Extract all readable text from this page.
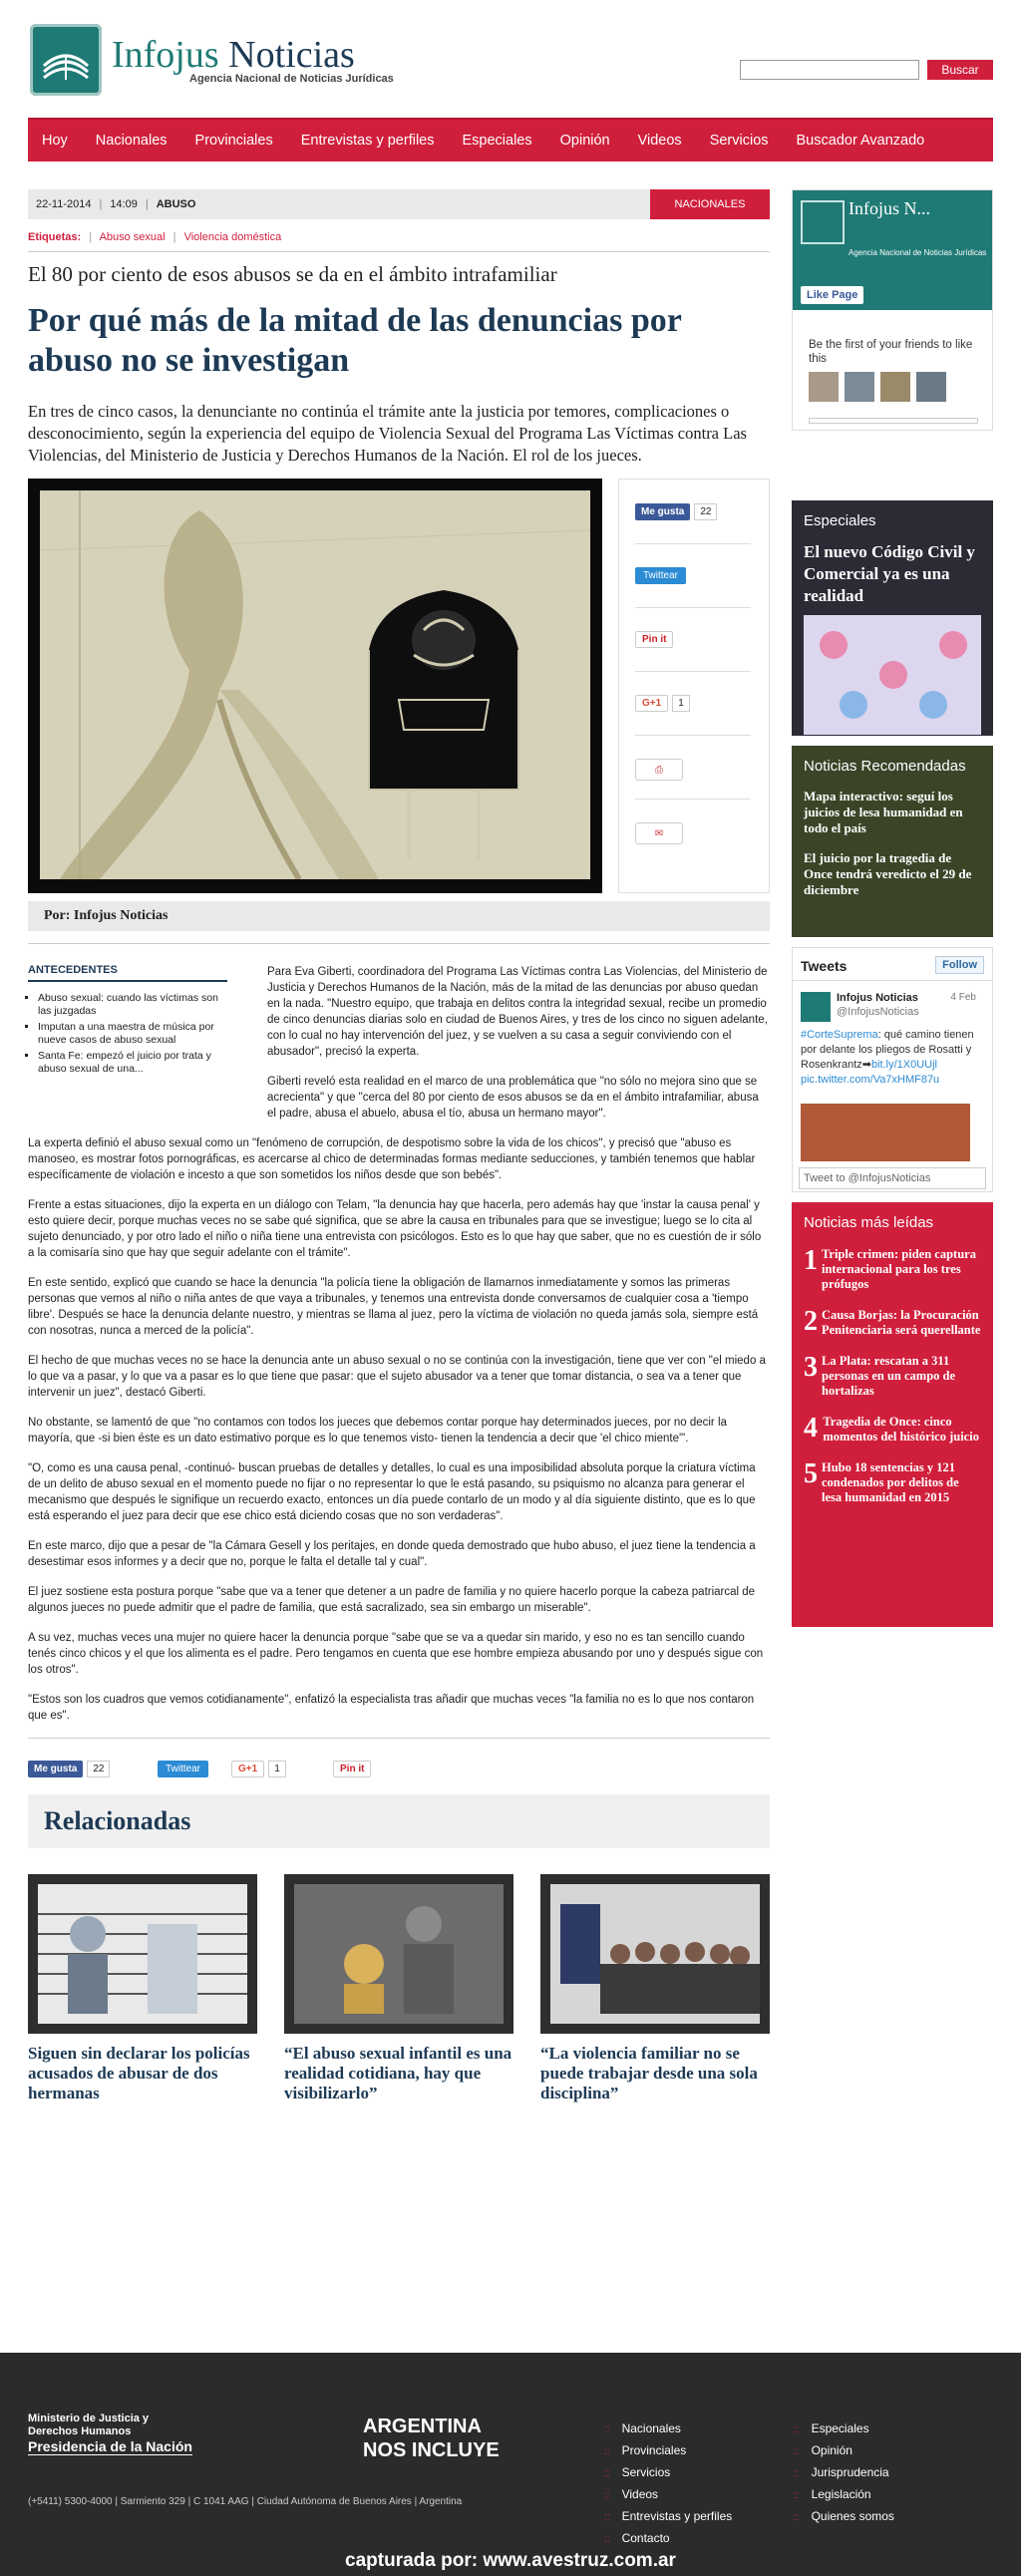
Infojus Noticias
Agencia Nacional de Noticias Jurídicas
Buscar
Hoy	Nacionales	Provinciales	Entrevistas y perfiles	Especiales	Opinión	Videos	Servicios	Buscador Avanzado
22-11-2014 | 14:09 | ABUSO	NACIONALES
Etiquetas: | Abuso sexual | Violencia doméstica
El 80 por ciento de esos abusos se da en el ámbito intrafamiliar
Por qué más de la mitad de las denuncias por abuso no se investigan
En tres de cinco casos, la denunciante no continúa el trámite ante la justicia por temores, complicaciones o desconocimiento, según la experiencia del equipo de Violencia Sexual del Programa Las Víctimas contra Las Violencias, del Ministerio de Justicia y Derechos Humanos de la Nación. El rol de los jueces.
Me gusta	22
Twittear
Pin it
G+1	1
⎙
✉
Por: Infojus Noticias
ANTECEDENTES
▪ Abuso sexual: cuando las víctimas son las juzgadas
▪ Imputan a una maestra de música por nueve casos de abuso sexual
▪ Santa Fe: empezó el juicio por trata y abuso sexual de una...

Para Eva Giberti, coordinadora del Programa Las Víctimas contra Las Violencias, del Ministerio de Justicia y Derechos Humanos de la Nación, más de la mitad de las denuncias por abuso quedan en la nada. "Nuestro equipo, que trabaja en delitos contra la integridad sexual, recibe un promedio de cinco denuncias diarias solo en ciudad de Buenos Aires, y tres de los cinco no siguen adelante, con lo cual no hay intervención del juez, y se vuelven a su casa a seguir conviviendo con el abusador", precisó la experta.

Giberti reveló esta realidad en el marco de una problemática que "no sólo no mejora sino que se acrecienta" y que "cerca del 80 por ciento de esos abusos se da en el ámbito intrafamiliar, abusa el padre, abusa el abuelo, abusa el tío, abusa un hermano mayor".

La experta definió el abuso sexual como un "fenómeno de corrupción, de despotismo sobre la vida de los chicos", y precisó que "abuso es manoseo, es mostrar fotos pornográficas, es acercarse al chico de determinadas formas mediante seducciones, y también tenemos que hablar específicamente de violación e incesto a que son sometidos los niños desde que son bebés".

Frente a estas situaciones, dijo la experta en un diálogo con Telam, "la denuncia hay que hacerla, pero además hay que 'instar la causa penal' y esto quiere decir, porque muchas veces no se sabe qué significa, que se abre la causa en tribunales para que se investigue; luego se lo cita al sujeto denunciado, y por otro lado el niño o niña tiene una entrevista con psicólogos. Esto es lo que hay que saber, que no es cuestión de ir sólo a la comisaría sino que hay que seguir adelante con el trámite".

En este sentido, explicó que cuando se hace la denuncia "la policía tiene la obligación de llamarnos inmediatamente y somos las primeras personas que vemos al niño o niña antes de que vaya a tribunales, y tenemos una entrevista donde conversamos de cualquier cosa a 'tiempo libre'. Después se hace la denuncia delante nuestro, y mientras se llama al juez, pero la víctima de violación no queda jamás sola, siempre está con nosotras, nunca a merced de la policía".

El hecho de que muchas veces no se hace la denuncia ante un abuso sexual o no se continúa con la investigación, tiene que ver con "el miedo a lo que va a pasar, y lo que va a pasar es lo que tiene que pasar: que el sujeto abusador va a tener que tomar distancia, o sea va a tener que intervenir un juez", destacó Giberti.

No obstante, se lamentó de que "no contamos con todos los jueces que debemos contar porque hay determinados jueces, por no decir la mayoría, que -si bien éste es un dato estimativo porque es lo que tenemos visto- tienen la tendencia a decir que 'el chico miente'".

"O, como es una causa penal, -continuó- buscan pruebas de detalles y detalles, lo cual es una imposibilidad absoluta porque la criatura víctima de un delito de abuso sexual en el momento puede no fijar o no representar lo que le está pasando, su psiquismo no alcanza para generar el mecanismo que después le signifique un recuerdo exacto, entonces un día puede contarlo de un modo y al día siguiente distinto, que es lo que está esperando el juez para decir que ese chico está diciendo cosas que no son verdaderas".

En este marco, dijo que a pesar de "la Cámara Gesell y los peritajes, en donde queda demostrado que hubo abuso, el juez tiene la tendencia a desestimar esos informes y a decir que no, porque le falta el detalle tal y cual".

El juez sostiene esta postura porque "sabe que va a tener que detener a un padre de familia y no quiere hacerlo porque la cabeza patriarcal de algunos jueces no puede admitir que el padre de familia, que está sacralizado, sea sin embargo un miserable".

A su vez, muchas veces una mujer no quiere hacer la denuncia porque "sabe que se va a quedar sin marido, y eso no es tan sencillo cuando tenés cinco chicos y el que los alimenta es el padre. Pero tengamos en cuenta que ese hombre empieza abusando por uno y después sigue con los otros".

"Estos son los cuadros que vemos cotidianamente", enfatizó la especialista tras añadir que muchas veces "la familia no es lo que nos contaron que es".

Me gusta	22	Twittear	G+1	1	Pin it
Relacionadas
Siguen sin declarar los policías acusados de abusar de dos hermanas
“El abuso sexual infantil es una realidad cotidiana, hay que visibilizarlo”
“La violencia familiar no se puede trabajar desde una sola disciplina”
Infojus N...
Agencia Nacional de Noticias Jurídicas
Like Page
Be the first of your friends to like this
Especiales
El nuevo Código Civil y Comercial ya es una realidad
Noticias Recomendadas
Mapa interactivo: seguí los juicios de lesa humanidad en todo el país
El juicio por la tragedia de Once tendrá veredicto el 29 de diciembre
Tweets	Follow
Infojus Noticias
@InfojusNoticias
4 Feb
#CorteSuprema: qué camino tienen por delante los pliegos de Rosatti y Rosenkrantz➡bit.ly/1X0UUjl pic.twitter.com/Va7xHMF87u
Tweet to @InfojusNoticias
Noticias más leídas
1 Triple crimen: piden captura internacional para los tres prófugos
2 Causa Borjas: la Procuración Penitenciaria será querellante
3 La Plata: rescatan a 311 personas en un campo de hortalizas
4 Tragedia de Once: cinco momentos del histórico juicio
5 Hubo 18 sentencias y 121 condenados por delitos de lesa humanidad en 2015
Ministerio de Justicia y Derechos Humanos
Presidencia de la Nación
(+5411) 5300-4000 | Sarmiento 329 | C 1041 AAG | Ciudad Autónoma de Buenos Aires | Argentina
ARGENTINA
NOS INCLUYE
:: Nacionales
:: Provinciales
:: Servicios
:: Videos
:: Entrevistas y perfiles
:: Contacto
:: Especiales
:: Opinión
:: Jurisprudencia
:: Legislación
:: Quienes somos
capturada por: www.avestruz.com.ar
